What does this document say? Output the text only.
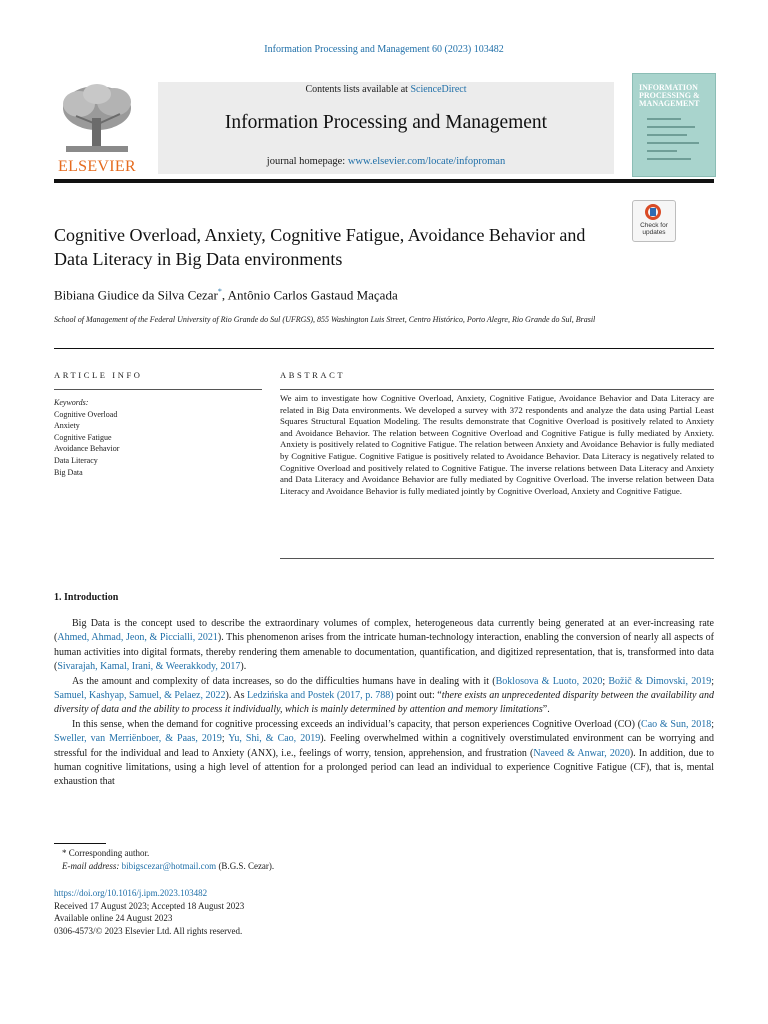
Information Processing and Management 60 (2023) 103482
ELSEVIER
Contents lists available at ScienceDirect
Information Processing and Management
journal homepage: www.elsevier.com/locate/infoproman
INFORMATION PROCESSING & MANAGEMENT
Check for
updates
Cognitive Overload, Anxiety, Cognitive Fatigue, Avoidance Behavior and Data Literacy in Big Data environments
Bibiana Giudice da Silva Cezar*, Antônio Carlos Gastaud Maçada
School of Management of the Federal University of Rio Grande do Sul (UFRGS), 855 Washington Luis Street, Centro Histórico, Porto Alegre, Rio Grande do Sul, Brasil
ARTICLE INFO	ABSTRACT
Keywords:
Cognitive Overload
Anxiety
Cognitive Fatigue
Avoidance Behavior
Data Literacy
Big Data
We aim to investigate how Cognitive Overload, Anxiety, Cognitive Fatigue, Avoidance Behavior and Data Literacy are related in Big Data environments. We developed a survey with 372 respondents and analyze the data using Partial Least Squares Structural Equation Modeling. The results demonstrate that Cognitive Overload is positively related to Anxiety and Avoidance Behavior. The relation between Cognitive Overload and Cognitive Fatigue is fully mediated by Anxiety. Anxiety is positively related to Cognitive Fatigue. The relation between Anxiety and Avoidance Behavior is fully mediated by Cognitive Fatigue. Cognitive Fatigue is positively related to Avoidance Behavior. Data Literacy is negatively related to Cognitive Overload and positively related to Cognitive Fatigue. The inverse relations between Data Literacy and Anxiety and Data Literacy and Avoidance Behavior are fully mediated by Cognitive Overload. The inverse relation between Data Literacy and Avoidance Behavior is fully mediated jointly by Cognitive Overload, Anxiety and Cognitive Fatigue.
1. Introduction

Big Data is the concept used to describe the extraordinary volumes of complex, heterogeneous data currently being generated at an ever-increasing rate (Ahmed, Ahmad, Jeon, & Piccialli, 2021). This phenomenon arises from the intricate human-technology interaction, enabling the conversion of nearly all aspects of human activities into digital formats, thereby rendering them amenable to documentation, quantification, and digitized representation, that is, transformed into data (Sivarajah, Kamal, Irani, & Weerakkody, 2017).

As the amount and complexity of data increases, so do the difficulties humans have in dealing with it (Boklosova & Luoto, 2020; Božič & Dimovski, 2019; Samuel, Kashyap, Samuel, & Pelaez, 2022). As Ledzińska and Postek (2017, p. 788) point out: “there exists an unprecedented disparity between the availability and diversity of data and the ability to process it individually, which is mainly determined by attention and memory limitations”.

In this sense, when the demand for cognitive processing exceeds an individual’s capacity, that person experiences Cognitive Overload (CO) (Cao & Sun, 2018; Sweller, van Merriënboer, & Paas, 2019; Yu, Shi, & Cao, 2019). Feeling overwhelmed within a cognitively overstimulated environment can be worrying and stressful for the individual and lead to Anxiety (ANX), i.e., feelings of worry, tension, apprehension, and frustration (Naveed & Anwar, 2020). In addition, due to human cognitive limitations, using a high level of attention for a prolonged period can lead an individual to experience Cognitive Fatigue (CF), that is, mental exhaustion that

* Corresponding author.
E-mail address: bibigscezar@hotmail.com (B.G.S. Cezar).
https://doi.org/10.1016/j.ipm.2023.103482
Received 17 August 2023; Accepted 18 August 2023
Available online 24 August 2023
0306-4573/© 2023 Elsevier Ltd. All rights reserved.
